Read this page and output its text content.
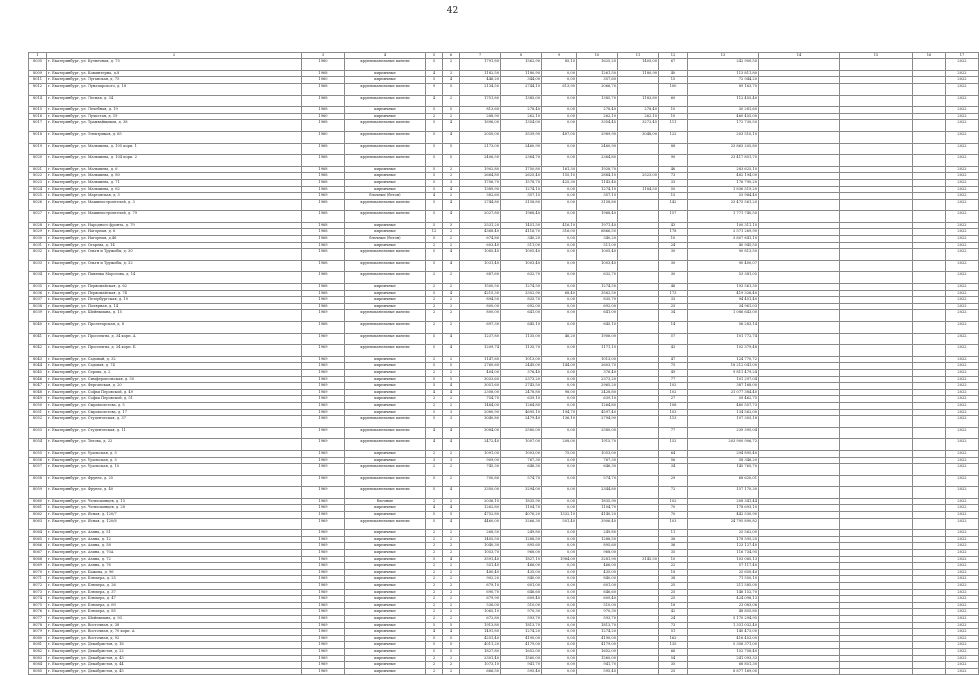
42
1	2	3	4	5	6	7	8	9	10	11	12	13	14	15	16	17
8035	г. Екатеринбург, ул. Кузнечная, д. 75	1960	крупнопанельные панели	5	2	1791,80	1562,90	85,10	1625,20	1405,00	67	242 900,50				2022
8009	г. Екатеринбург, ул. Коминтерна, д.8	1968	кирпичные	4	2	1182,50	1180,90	0,00	1261,50	1180,90	40	113 811,80				2022
8011	г. Екатеринбург, ул. Луганская, д. 75	1960	кирпичные	5	4	446,20	344,00	0,00	357,60		15	72 944,20				2022
8012	г. Екатеринбург, ул. Луначарского, д. 18	1968	крупнопанельные панели	9	5	2134,50	2744,10	613,90	2066,70		100	89 163,70				2022
8014	г. Екатеринбург, ул. Лесная, д. 34	1968	крупнопанельные панели	4	2	1751,80	1385,00	0,00	1385,70	1183,80	60	112 455,40				2022
8015	г. Екатеринбург, ул. Лечебная, д. 19	1968	кирпичные	5	5	813,60	278,40	0,00	278,40	278,40	10	30 281,60				2022
8016	г. Екатеринбург, ул. Лучистая, д. 19	1960	кирпичные	2	2	288,90	262,10	0,00	262,10	262,10	10	460 455,00				2022
8017	г. Екатеринбург, ул. Трамвайщиков, д. 38	1968	крупнопанельные панели	5	4	1696,00	1354,00	0,00	3354,45	3272,45	111	172 730,50				2022
8018	г. Екатеринбург, ул. Электриков, д. 65	1960	крупнопанельные панели	5	4	2050,00	3539,90	487,00	2989,90	3048,00	122	203 510,10				2022
8019	г. Екатеринбург, ул. Малышева, д. 105 корп. 1	1968	крупнопанельные панели	5	5	2173,00	2460,90	0,00	2460,90		88	23 863 205,80				2022
8020	г. Екатеринбург, ул. Малышева, д. 104 корп. 2	1968	крупнопанельные панели	5	5	2406,50	2364,70	0,00	2364,80		90	23 417 851,70				2022
8021	г. Екатеринбург, ул. Малышева, д. 6	1968	кирпичные	5	2	1902,80	1750,80	161,30	1928,70		46	283 625,10				2022
8022	г. Екатеринбург, ул. Малышева, д. 80	1968	кирпичные	5	2	2664,80	2625,40	155,10	2884,10	2523,00	73	482 194,00				2022
8023	г. Екатеринбург, ул. Малышева, д. 71	1968	кирпичные	5	3	1706,70	1578,70	425,30	1143,40		33	176 790,20				2022
8024	г. Екатеринбург, ул. Малышева, д. 62	1968	кирпичные	5	4	1389,90	1274,10	0,00	1274,10	1184,50	50	1 836 519,20				2022
8025	г. Екатеринбург, ул. Мартовская, д. 5	1969	блочные (бетон)	4	2	382,60	357,10	0,00	357,10		15	53 984,40				2022
8026	г. Екатеринбург, ул. Машиностроителей, д. 3	1968	крупнопанельные панели	5	4	2744,80	3158,80	0,00	3158,80		142	23 475 561,20				2022
8027	г. Екатеринбург, ул. Машиностроителей, д. 79	1968	крупнопанельные панели	5	4	2027,80	1968,40	0,00	1968,40		157	1 771 740,50				2022
8028	г. Екатеринбург, ул. Народного фронта, д. 79	1968	кирпичные	5	3	2531,20	1451,50	416,10	1971,40		43	100 311,10				2022
8029	г. Екатеринбург, ул. Нагорная, д. 6	1968	кирпичные	12	2	4368,40	4116,70	316,00	6866,50		178	2 571 269,90				2022
8030	г. Екатеринбург, ул. Нагорная, д.46	1968	блочные (бетон)	5	2	674,80	340,20	0,00	340,20		10	3 807 841,10				2022
8031	г. Екатеринбург, ул. Огарева, д. 14	1969	кирпичные	2	2	603,40	511,00	0,00	511,00		24	40 945,50				2022
8032	г. Екатеринбург, ул. Ольги и Тружобы, д. 30	1968	крупнопанельные панели	5	4	1085,40	1005,40	0,00	1005,40		30	90 813,50				2022
8033	г. Екатеринбург, ул. Ольги и Тружобы, д. 32	1968	крупнопанельные панели	5	4	1031,40	1003,40	0,00	1003,40		30	90 400,07				2022
8034	г. Екатеринбург, ул. Павлика Морозова, д. 14	1968	крупнопанельные панели	2	2	687,60	632,70	0,00	632,70		30	53 381,05				2022
8035	г. Екатеринбург, ул. Первомайская, д. 62	1968	кирпичные	2	2	1500,50	1274,50	0,00	1274,50		46	193 561,30				2022
8036	г. Екатеринбург, ул. Первомайская, д. 74	1968	кирпичные	5	4	4215,30	3302,90	68,40	3562,50		173	419 326,40				2022
8037	г. Екатеринбург, ул. Петербургская, д. 10	1969	кирпичные	2	2	894,50	835,70	0,00	835,70		33	94 451,40				2022
8038	г. Екатеринбург, ул. Полярная, д. 14	1968	кирпичные	2	2	800,00	692,00	0,00	692,00		25	34 961,03				2022
8039	г. Екатеринбург, ул. Шейнкмана, д. 15	1969	крупнопанельные панели	2	2	800,00	641,00	0,00	641,00		34	1 086 643,00				2022
8040	г. Екатеринбург, ул. Пролетарская, д. 8	1968	крупнопанельные панели	2	2	697,30	645,10	0,00	645,10		14	56 283,14				2022
8041	г. Екатеринбург, ул. Проспекты, д. 34 корп. А	1969	крупнопанельные панели	5	4	1237,80	1135,00	46,20	1906,00		57	101 772,74				2022
8042	г. Екатеринбург, ул. Проспекты, д. 34 корп. Б	1969	крупнопанельные панели	5	4	1209,74	1135,70	0,00	1171,10		43	102 379,48				2022
8043	г. Екатеринбург, ул. Садовый, д. 32	1969	кирпичные	2	2	1147,60	1013,00	0,00	1013,00		47	124 770,72				2022
8044	г. Екатеринбург, ул. Садовая, д. 74	1969	кирпичные	5	5	2760,60	2445,00	144,00	2603,70		75	18 212 041,00				2022
8045	г. Екатеринбург, ул. Серова, д. 2	1969	кирпичные	2	2	404,00	376,40	0,00	376,40		49	9 811 479,24				2022
8046	г. Екатеринбург, ул. Симферопольская, д. 30	1969	кирпичные	5	5	3033,60	2373,20	0,00	2373,20		77	101 297,04				2022
8047	г. Екатеринбург, ул. Ферганская, д. 20	1969	кирпичные	5	4	3051,60	2743,50	0,00	2965,20		102	387 168,00				2022
8048	г. Екатеринбург, ул. Софьи Перовской, д. 49	1969	кирпичные	4	4	2308,00	2478,80	98,00	2428,80		102	21 077 384,40				2022
8049	г. Екатеринбург, ул. Софьи Перовской, д. 51	1969	кирпичные	2	2	754,70	639,10	0,00	639,10		27	59 462,75				2022
8050	г. Екатеринбург, ул. Сыромолотова, д. 5	1969	кирпичные	2	2	1484,00	1264,80	0,00	1264,80		108	460 557,73				2022
8051	г. Екатеринбург, ул. Сыромолотова, д. 17	1969	кирпичные	5	3	2080,90	4695,10	194,70	4597,40		103	134 562,00				2022
8052	г. Екатеринбург, ул. Студенческая, д. 37	1969	крупнопанельные панели	5	3	3040,80	2479,40	136,10	2794,90		113	107 305,18				2022
8053	г. Екатеринбург, ул. Студенческая, д. 11	1969	крупнопанельные панели	4	4	3084,00	2580,00	0,00	2580,00		77	239 395,04				2022
8054	г. Екатеринбург, ул. Титова, д. 22	1969	крупнопанельные панели	4	4	2472,40	1007,00	208,00	1915,70		152	203 900 906,72				2022
8055	г. Екатеринбург, ул. Уральская, д. 5	1969	кирпичные	2	2	1091,00	1003,00	75,00	1053,00		64	294 895,40				2022
8056	г. Екатеринбург, ул. Уральская, д. 5	1969	кирпичные	3	3	909,00	767,30	0,00	767,30		56	58 346,20				2022
8057	г. Екатеринбург, ул. Уральская, д. 10	1969	крупнопанельные панели	2	2	745,30	646,30	0,00	646,30		34	145 765,70				2022
8058	г. Екатеринбург, ул. Фрунзе, д. 25	1969	крупнопанельные панели	5	2	700,80	574,70	0,00	574,70		29	68 620,01				2022
8059	г. Екатеринбург, ул. Фрунзе, д. 40	1969	крупнопанельные панели	5	4	3350,00	3294,00	0,00	2344,80		72	157 170,30				2022
8060	г. Екатеринбург, ул. Челюскинцев, д. 15	1969	блочные	2	2	2036,10	1835,90	0,00	1835,90		102	208 341,44				2022
8061	г. Екатеринбург, ул. Челюскинцев, д. 28	1969	кирпичные	4	4	1262,80	1104,70	0,00	1104,70		70	178 693,10				2022
8062	г. Екатеринбург, ул. Ясная, д. 120/7	1969	кирпичные	5	5	4752,80	4076,20	1332,10	4140,20		70	442 530,90				2022
8063	г. Екатеринбург, ул. Ясная, д. 120/8	1969	крупнопанельные панели	5	4	4460,00	3266,30	501,40	3906,40		103	24 795 890,82				2022
8064	г. Екатеринбург, ул. Азина, д. 51	1969	кирпичные	2	2	268,50	249,80	0,00	249,80		11	25 562,00				2022
8065	г. Екатеринбург, ул. Азина, д. 12	1969	кирпичные	2	2	1405,50	1288,50	0,00	1288,50		36	178 595,20				2022
8066	г. Екатеринбург, ул. Азина, д. 58	1969	кирпичные	2	2	1040,30	895,60	0,00	895,60		36	123 127,40				2022
8067	г. Екатеринбург, ул. Азина, д. 70А	1969	кирпичные	2	2	1053,70	968,00	0,00	968,00		35	116 734,95				2022
8068	г. Екатеринбург, ул. Азина, д. 72	1969	кирпичные	5	4	3591,40	1827,10	1984,00	3281,90	3145,50	10	103 085,13				2022
8069	г. Екатеринбург, ул. Азина, д. 76	1969	кирпичные	2	2	551,40	466,00	0,00	466,00		22	57 117,40				2022
8070	г. Екатеринбург, ул. Бажова, д. 96	1969	кирпичные	2	2	480,40	435,00	0,00	435,00		18	25 650,40				2022
8071	г. Екатеринбург, ул. Блюхера, д. 25	1969	кирпичные	2	2	902,20	840,00	0,00	840,00		38	71 550,10				2022
8072	г. Екатеринбург, ул. Блюхера, д. 26	1969	кирпичные	2	2	679,10	601,00	0,00	601,00		25	211 585,00				2022
8073	г. Екатеринбург, ул. Блюхера, д. 37	1969	кирпичные	2	2	690,70	646,60	0,00	646,60		25	146 152,70				2022
8074	г. Екатеринбург, ул. Блюхера, д. 47	1969	кирпичные	2	2	679,90	609,40	0,00	609,40		25	424 098,13				2022
8075	г. Екатеринбург, ул. Блюхера, д. 69	1969	кирпичные	2	2	536,00	510,00	0,00	510,00		18	23 083,06				2022
8076	г. Екатеринбург, ул. Блюхера, д. 85	1969	кирпичные	2	2	1065,10	970,30	0,00	970,30		42	48 855,80				2022
8077	г. Екатеринбург, ул. Шейнкмана, д. 93	1969	кирпичные	2	2	672,80	593,70	0,00	593,70		24	5 170 294,95				2022
8078	г. Екатеринбург, ул. Восточная, д. 38	1969	кирпичные	5	5	1913,80	1813,70	0,00	1813,70		73	1 331 032,40				2022
8079	г. Екатеринбург, ул. Восточная, д. 70 корп. А	1969	кирпичные	4	4	1491,80	1274,20	0,00	1274,20		51	140 473,00				2022
8080	г. Екатеринбург, ул. Восточная, д. 92	1969	кирпичные	5	5	4251,40	4190,00	0,00	4190,00		162	416 453,00				2022
8081	г. Екатеринбург, ул. Декабристов, д. 18	1969	кирпичные	5	5	4011,20	4179,00	0,00	4179,00		135	5 356 371,00				2022
8082	г. Екатеринбург, ул. Декабристов, д. 22	1969	кирпичные	5	5	1827,80	1652,00	0,00	1652,00		66	152 758,40				2022
8083	г. Екатеринбург, ул. Декабристов, д. 43	1969	кирпичные	2	2	2301,40	1560,00	0,00	1560,00		54	241 093,33				2022
8084	г. Екатеринбург, ул. Декабристов, д. 44	1969	кирпичные	2	2	1073,10	941,70	0,00	941,70		35	68 851,30				2022
8085	г. Екатеринбург, ул. Декабристов, д. 45	1969	кирпичные	2	2	666,50	595,40	0,00	595,40		25	8 877 169,00				2022
